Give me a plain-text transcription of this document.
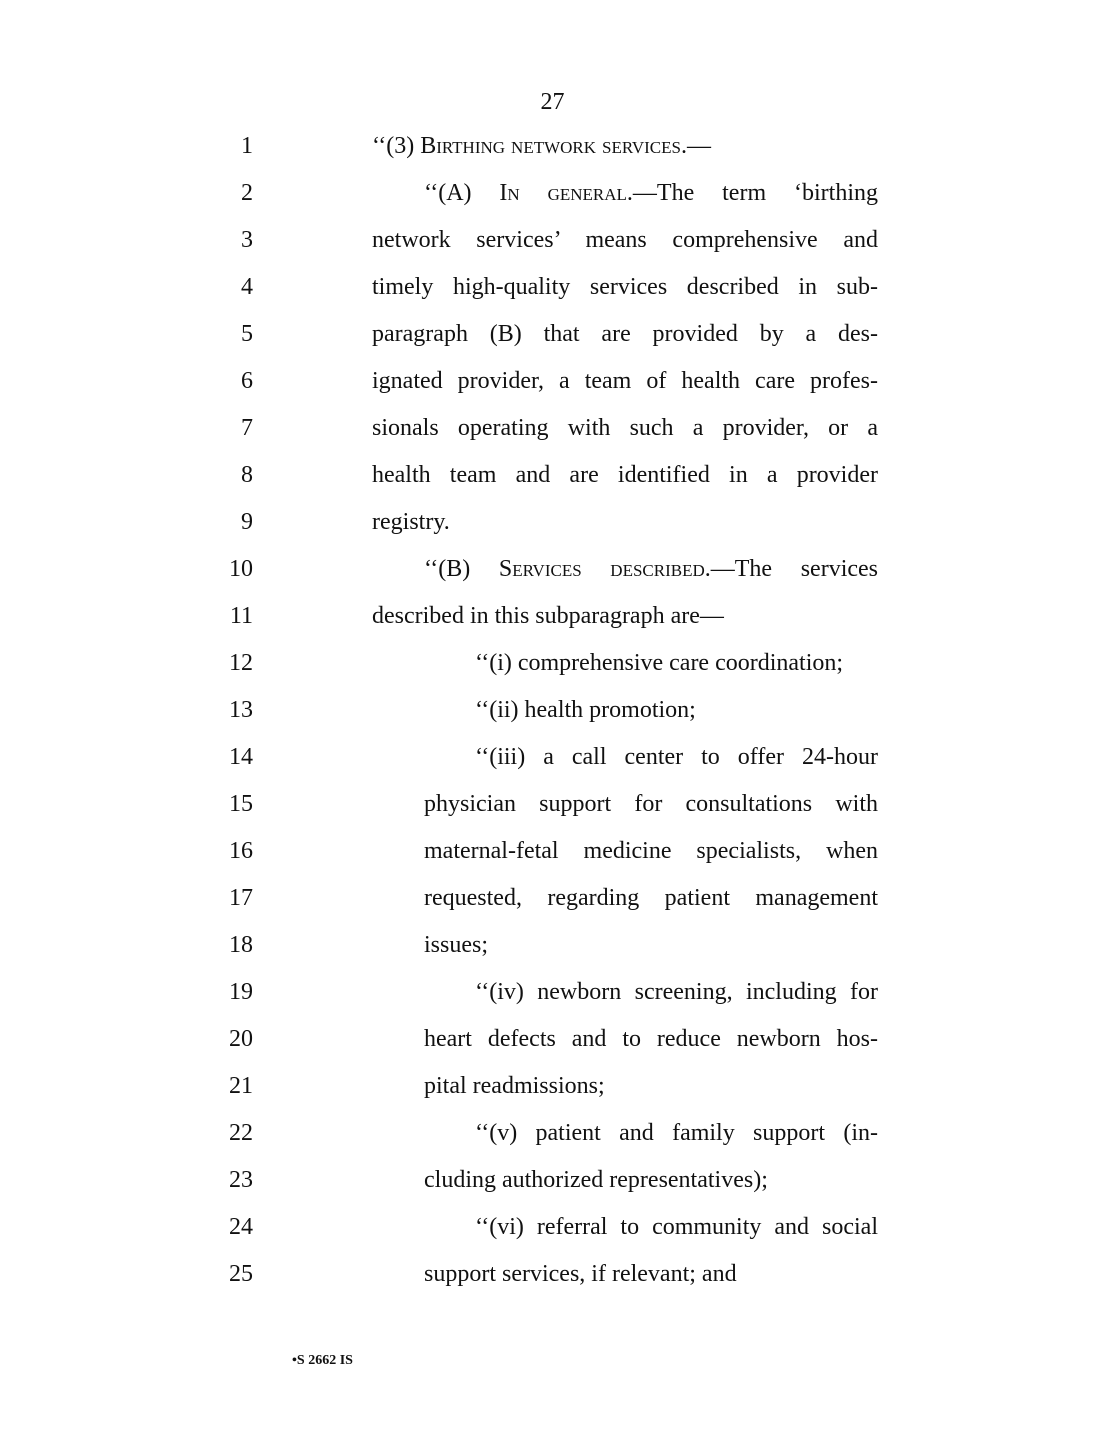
27
1	‘‘(3) Birthing network services.—
2	‘‘(A) In general.—The term ‘birthing
3	network services’ means comprehensive and
4	timely high-quality services described in sub-
5	paragraph (B) that are provided by a des-
6	ignated provider, a team of health care profes-
7	sionals operating with such a provider, or a
8	health team and are identified in a provider
9	registry.
10	‘‘(B) Services described.—The services
11	described in this subparagraph are—
12	‘‘(i) comprehensive care coordination;
13	‘‘(ii) health promotion;
14	‘‘(iii) a call center to offer 24-hour
15	physician support for consultations with
16	maternal-fetal medicine specialists, when
17	requested, regarding patient management
18	issues;
19	‘‘(iv) newborn screening, including for
20	heart defects and to reduce newborn hos-
21	pital readmissions;
22	‘‘(v) patient and family support (in-
23	cluding authorized representatives);
24	‘‘(vi) referral to community and social
25	support services, if relevant; and
•S 2662 IS
